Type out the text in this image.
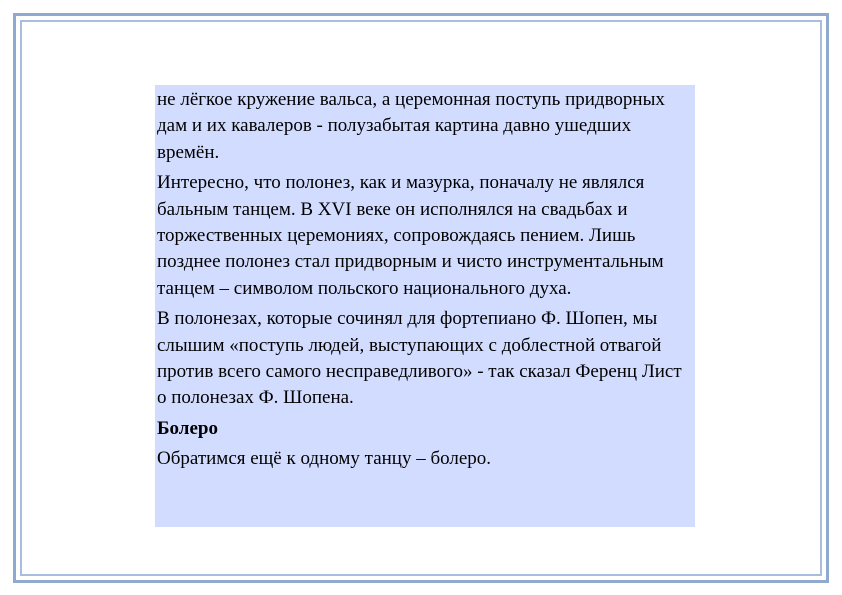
не лёгкое кружение вальса, а церемонная поступь придворных дам и их кавалеров - полузабытая картина давно ушедших времён.

Интересно, что полонез, как и мазурка, поначалу не являлся бальным танцем. В XVI веке он исполнялся на свадьбах и торжественных церемониях, сопровождаясь пением. Лишь позднее полонез стал придворным и чисто инструментальным танцем – символом польского национального духа.

В полонезах, которые сочинял для фортепиано Ф. Шопен, мы слышим «поступь людей, выступающих с доблестной отвагой против всего самого несправедливого» - так сказал Ференц Лист о полонезах Ф. Шопена.

Болеро

Обратимся ещё к одному танцу – болеро.
